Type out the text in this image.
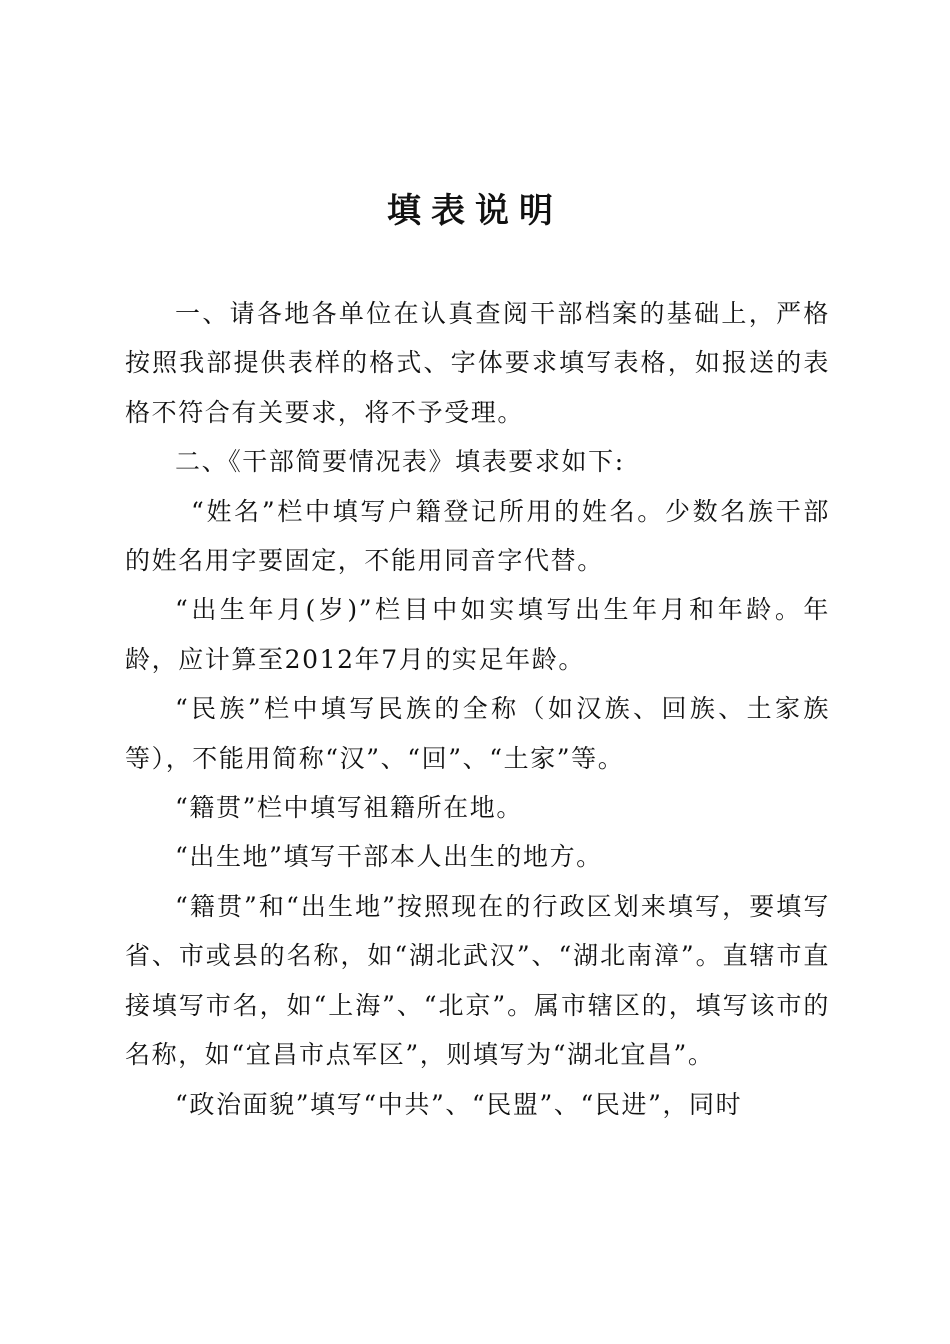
填表说明

一、请各地各单位在认真查阅干部档案的基础上，严格按照我部提供表样的格式、字体要求填写表格，如报送的表格不符合有关要求，将不予受理。

二、《干部简要情况表》填表要求如下:

“姓名”栏中填写户籍登记所用的姓名。少数名族干部的姓名用字要固定，不能用同音字代替。

“出生年月(岁)”栏目中如实填写出生年月和年龄。年龄，应计算至2012年7月的实足年龄。

“民族”栏中填写民族的全称（如汉族、回族、土家族等），不能用简称“汉”、“回”、“土家”等。

“籍贯”栏中填写祖籍所在地。

“出生地”填写干部本人出生的地方。

“籍贯”和“出生地”按照现在的行政区划来填写，要填写省、市或县的名称，如“湖北武汉”、“湖北南漳”。直辖市直接填写市名，如“上海”、“北京”。属市辖区的，填写该市的名称，如“宜昌市点军区”，则填写为“湖北宜昌”。

“政治面貌”填写“中共”、“民盟”、“民进”，同时
